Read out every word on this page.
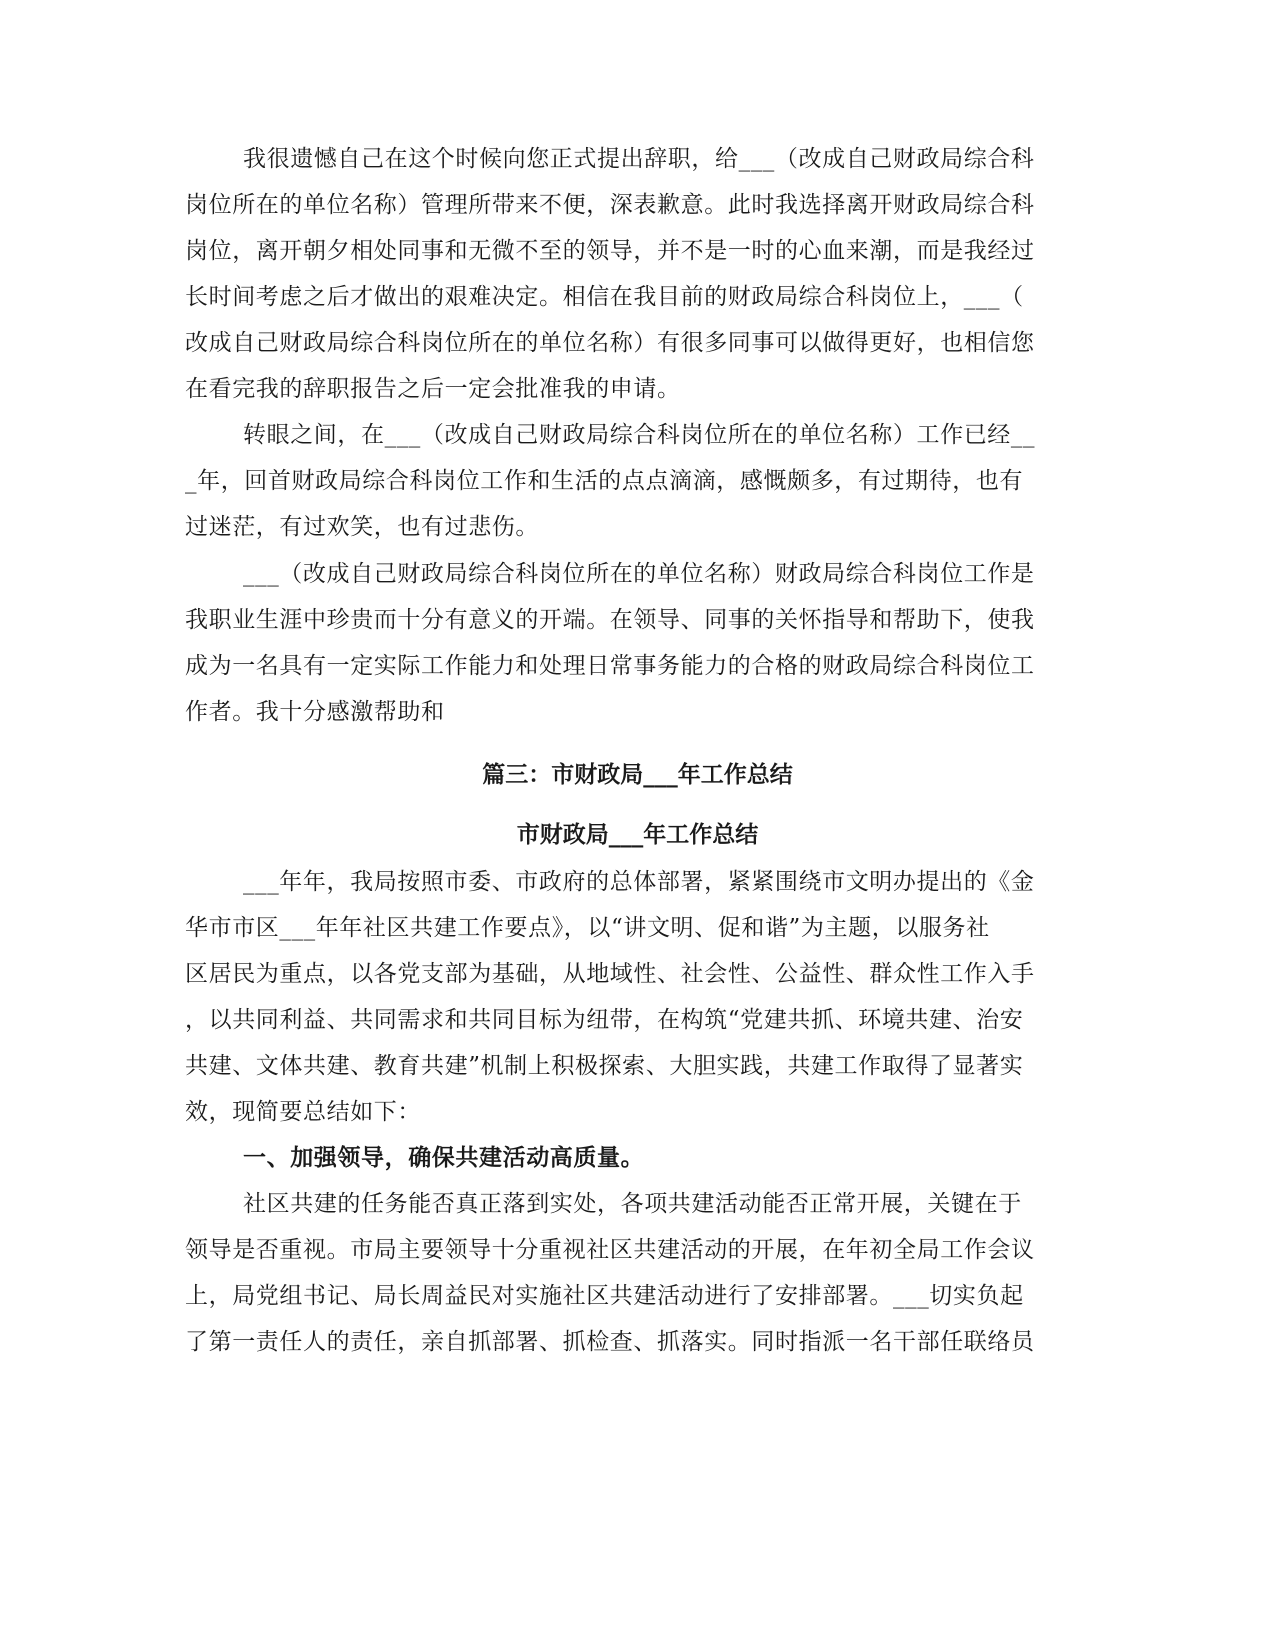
我很遗憾自己在这个时候向您正式提出辞职，给___（改成自己财政局综合科
岗位所在的单位名称）管理所带来不便，深表歉意。此时我选择离开财政局综合科
岗位，离开朝夕相处同事和无微不至的领导，并不是一时的心血来潮，而是我经过
长时间考虑之后才做出的艰难决定。相信在我目前的财政局综合科岗位上，___（
改成自己财政局综合科岗位所在的单位名称）有很多同事可以做得更好，也相信您
在看完我的辞职报告之后一定会批准我的申请。
转眼之间，在___（改成自己财政局综合科岗位所在的单位名称）工作已经__
_年，回首财政局综合科岗位工作和生活的点点滴滴，感慨颇多，有过期待，也有
过迷茫，有过欢笑，也有过悲伤。
___（改成自己财政局综合科岗位所在的单位名称）财政局综合科岗位工作是
我职业生涯中珍贵而十分有意义的开端。在领导、同事的关怀指导和帮助下，使我
成为一名具有一定实际工作能力和处理日常事务能力的合格的财政局综合科岗位工
作者。我十分感激帮助和
篇三：市财政局___年工作总结
市财政局___年工作总结
___年年，我局按照市委、市政府的总体部署，紧紧围绕市文明办提出的《金
华市市区___年年社区共建工作要点》，以“讲文明、促和谐”为主题，以服务社
区居民为重点，以各党支部为基础，从地域性、社会性、公益性、群众性工作入手
，以共同利益、共同需求和共同目标为纽带，在构筑“党建共抓、环境共建、治安
共建、文体共建、教育共建”机制上积极探索、大胆实践，共建工作取得了显著实
效，现简要总结如下：
一、加强领导，确保共建活动高质量。
社区共建的任务能否真正落到实处，各项共建活动能否正常开展，关键在于
领导是否重视。市局主要领导十分重视社区共建活动的开展，在年初全局工作会议
上，局党组书记、局长周益民对实施社区共建活动进行了安排部署。___切实负起
了第一责任人的责任，亲自抓部署、抓检查、抓落实。同时指派一名干部任联络员
